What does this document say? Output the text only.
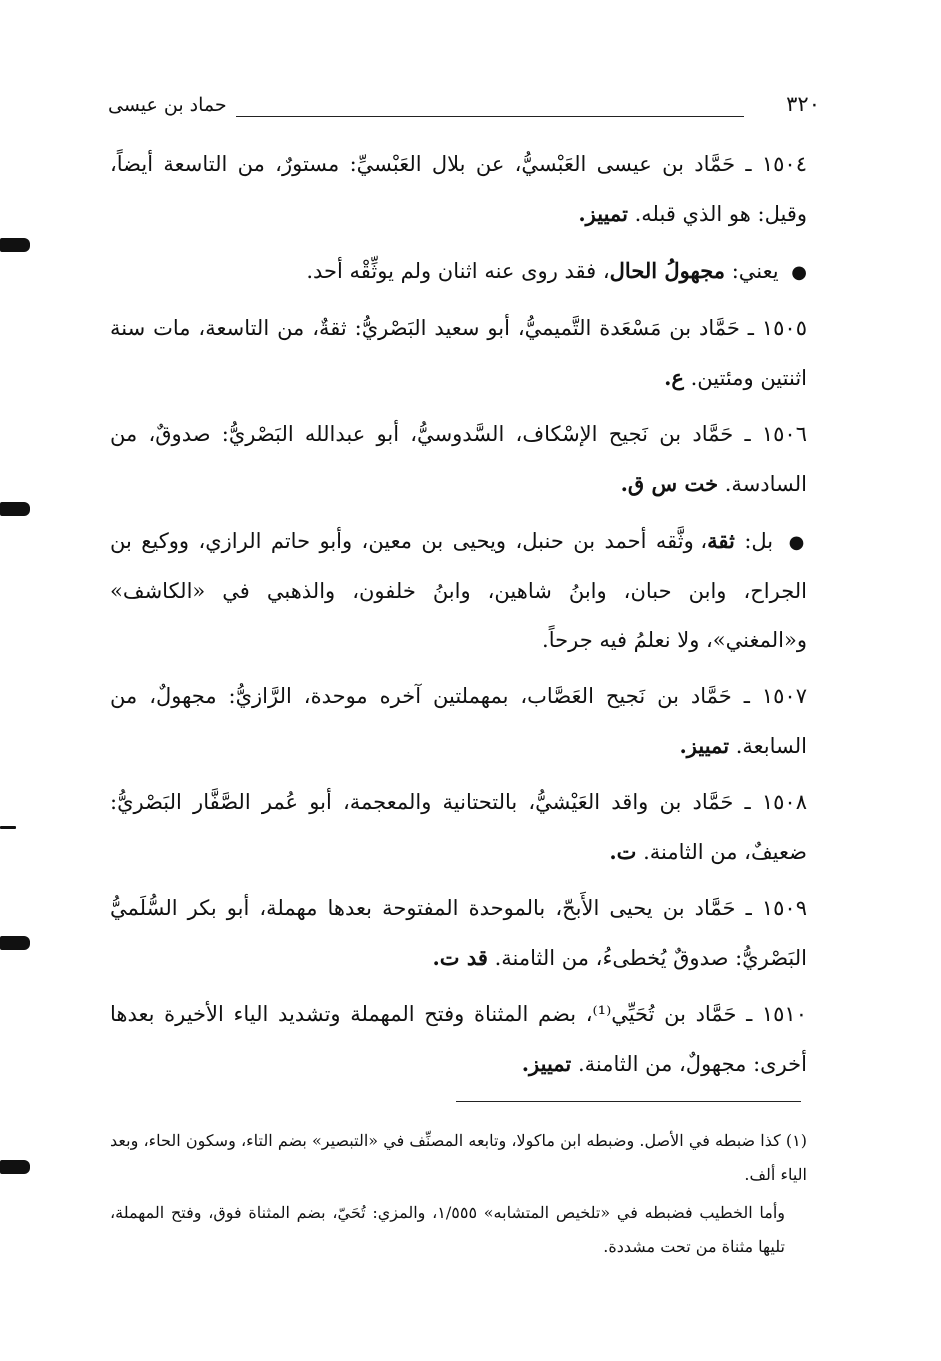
٣٢٠
حماد بن عيسى

١٥٠٤ ـ حَمَّاد بن عيسى العَبْسيُّ، عن بلال العَبْسيِّ: مستورٌ، من التاسعة أيضاً، وقيل: هو الذي قبله. تمييز.

● يعني: مجهولُ الحال، فقد روى عنه اثنان ولم يوثِّقْه أحد.

١٥٠٥ ـ حَمَّاد بن مَسْعَدة التَّميميُّ، أبو سعيد البَصْريُّ: ثقةٌ، من التاسعة، مات سنة اثنتين ومئتين. ع.

١٥٠٦ ـ حَمَّاد بن نَجيح الإسْكاف، السَّدوسيُّ، أبو عبدالله البَصْريُّ: صدوقٌ، من السادسة. خت س ق.

● بل: ثقة، وثَّقه أحمد بن حنبل، ويحيى بن معين، وأبو حاتم الرازي، ووكيع بن الجراح، وابن حبان، وابنُ شاهين، وابنُ خلفون، والذهبي في «الكاشف» و«المغني»، ولا نعلمُ فيه جرحاً.

١٥٠٧ ـ حَمَّاد بن نَجيح العَصَّاب، بمهملتين آخره موحدة، الرَّازيُّ: مجهولٌ، من السابعة. تمييز.

١٥٠٨ ـ حَمَّاد بن واقد العَيْشيُّ، بالتحتانية والمعجمة، أبو عُمر الصَّفَّار البَصْريُّ: ضعيفٌ، من الثامنة. ت.

١٥٠٩ ـ حَمَّاد بن يحيى الأَبحّ، بالموحدة المفتوحة بعدها مهملة، أبو بكر السُّلَميُّ البَصْريُّ: صدوقٌ يُخطىءُ، من الثامنة. قد ت.

١٥١٠ ـ حَمَّاد بن تُحَيِّي⁽¹⁾، بضم المثناة وفتح المهملة وتشديد الياء الأخيرة بعدها أخرى: مجهولٌ، من الثامنة. تمييز.

(١) كذا ضبطه في الأصل. وضبطه ابن ماكولا، وتابعه المصنِّف في «التبصير» بضم التاء، وسكون الحاء، وبعد الياء ألف.

وأما الخطيب فضبطه في «تلخيص المتشابه» ١/٥٥٥، والمزي: تُحَيّ، بضم المثناة فوق، وفتح المهملة، تليها مثناة من تحت مشددة.
